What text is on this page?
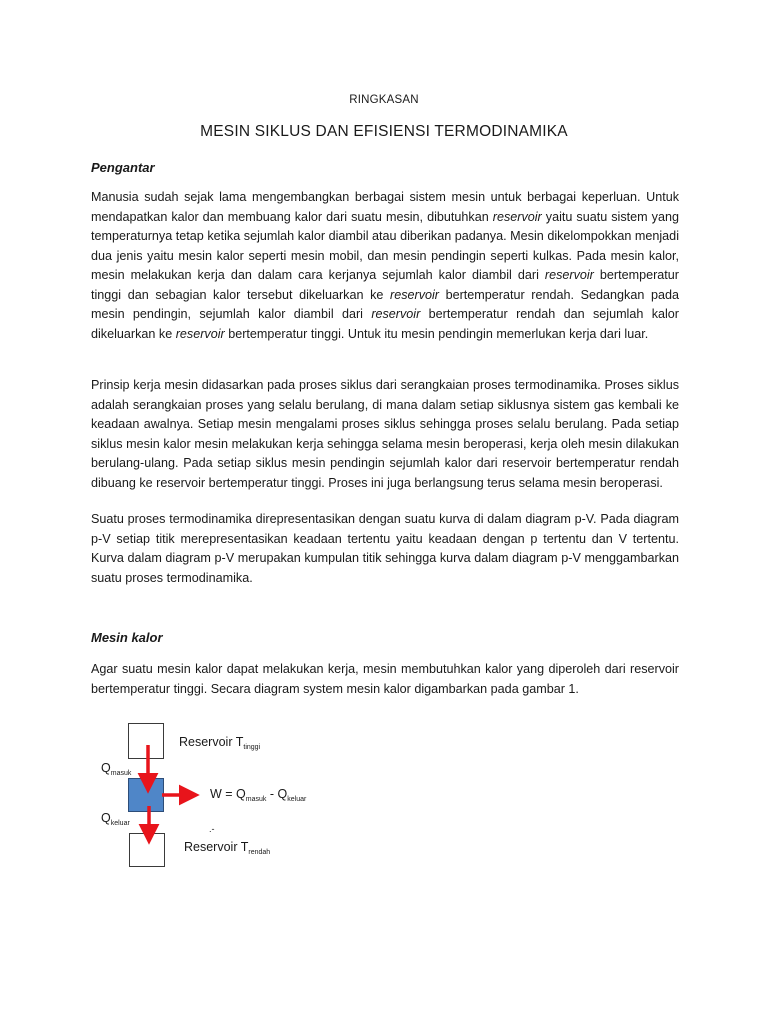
RINGKASAN
MESIN SIKLUS DAN EFISIENSI TERMODINAMIKA
Pengantar
Manusia sudah sejak lama mengembangkan berbagai sistem mesin untuk berbagai keperluan. Untuk mendapatkan kalor dan membuang kalor dari suatu mesin, dibutuhkan reservoir yaitu suatu sistem yang temperaturnya tetap ketika sejumlah kalor diambil atau diberikan padanya. Mesin dikelompokkan menjadi dua jenis yaitu mesin kalor seperti mesin mobil, dan mesin pendingin seperti kulkas. Pada mesin kalor, mesin melakukan kerja dan dalam cara kerjanya sejumlah kalor diambil dari reservoir bertemperatur tinggi dan sebagian kalor tersebut dikeluarkan ke reservoir bertemperatur rendah. Sedangkan pada mesin pendingin, sejumlah kalor diambil dari reservoir bertemperatur rendah dan sejumlah kalor dikeluarkan ke reservoir bertemperatur tinggi. Untuk itu mesin pendingin memerlukan kerja dari luar.
Prinsip kerja mesin didasarkan pada proses siklus dari serangkaian proses termodinamika. Proses siklus adalah serangkaian proses yang selalu berulang, di mana dalam setiap siklusnya sistem gas kembali ke keadaan awalnya. Setiap mesin mengalami proses siklus sehingga proses selalu berulang. Pada setiap siklus mesin kalor mesin melakukan kerja sehingga selama mesin beroperasi, kerja oleh mesin dilakukan berulang-ulang. Pada setiap siklus mesin pendingin sejumlah kalor dari reservoir bertemperatur rendah dibuang ke reservoir bertemperatur tinggi. Proses ini juga berlangsung terus selama mesin beroperasi.
Suatu proses termodinamika direpresentasikan dengan suatu kurva di dalam diagram p-V. Pada diagram p-V setiap titik merepresentasikan keadaan tertentu yaitu keadaan dengan p tertentu dan V tertentu. Kurva dalam diagram p-V merupakan kumpulan titik sehingga kurva dalam diagram p-V menggambarkan suatu proses termodinamika.
Mesin kalor
Agar suatu mesin kalor dapat melakukan kerja, mesin membutuhkan kalor yang diperoleh dari reservoir bertemperatur tinggi. Secara diagram system mesin kalor digambarkan pada gambar 1.
Reservoir $T_{tinggi}$
$Q_{masuk}$
$W = Q_{masuk} - Q_{keluar}$
$Q_{keluar}$
.-
Reservoir $T_{rendah}$
